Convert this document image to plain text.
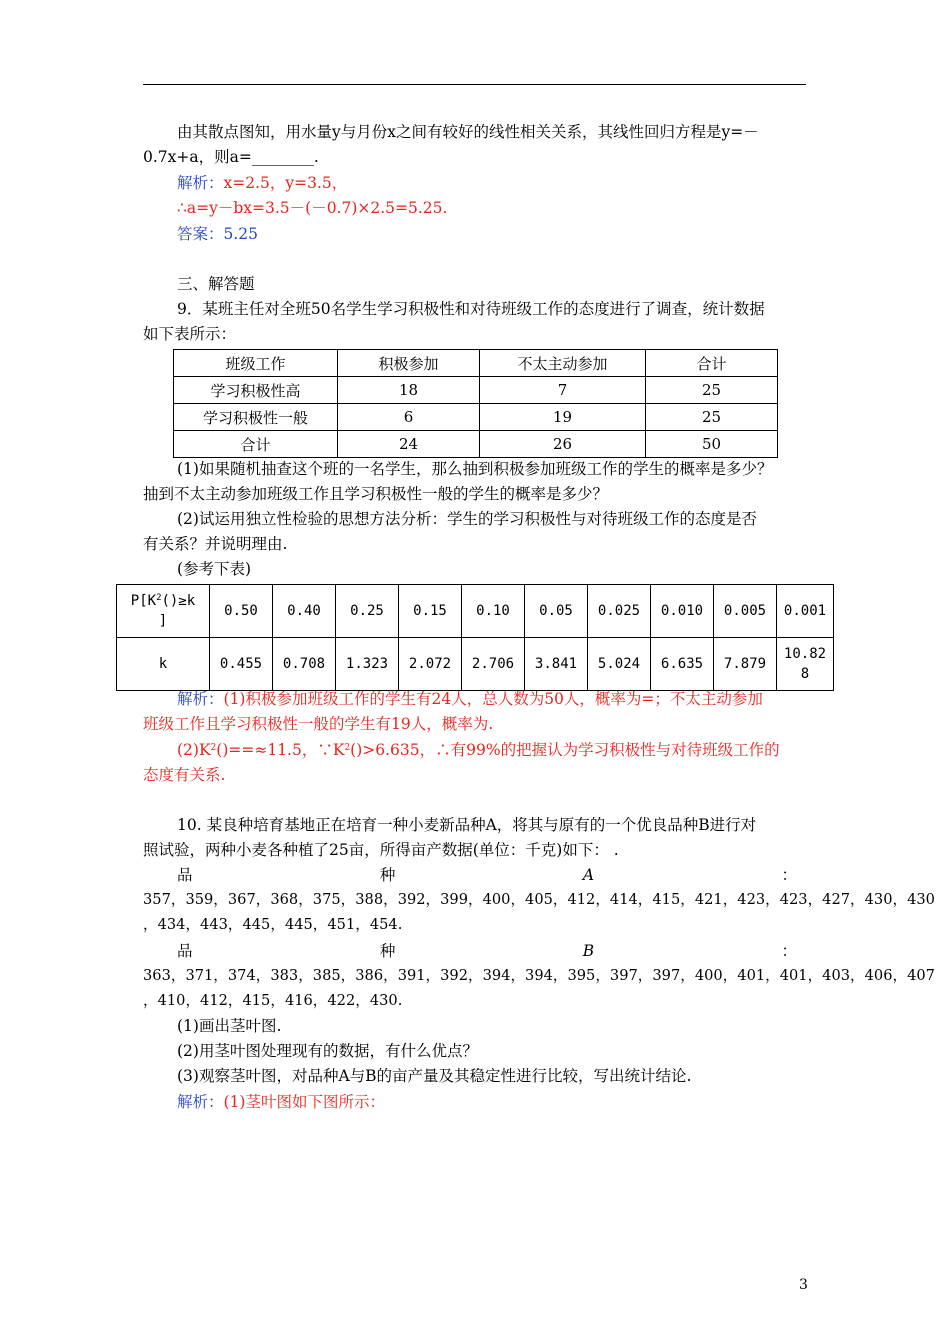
由其散点图知，用水量y与月份x之间有较好的线性相关关系，其线性回归方程是y=－
0.7x+a，则a=________.
解析：x=2.5，y=3.5，
∴a=y－bx=3.5－(－0.7)×2.5=5.25.
答案：5.25
三、解答题
9．某班主任对全班50名学生学习积极性和对待班级工作的态度进行了调查，统计数据
如下表所示：
班级工作	积极参加	不太主动参加	合计
学习积极性高	18	7	25
学习积极性一般	6	19	25
合计	24	26	50
(1)如果随机抽查这个班的一名学生，那么抽到积极参加班级工作的学生的概率是多少？
抽到不太主动参加班级工作且学习积极性一般的学生的概率是多少？
(2)试运用独立性检验的思想方法分析：学生的学习积极性与对待班级工作的态度是否
有关系？并说明理由.
(参考下表)
$P[K^2()\ge k$
]	0.50	0.40	0.25	0.15	0.10	0.05	0.025	0.010	0.005	0.001
k	0.455	0.708	1.323	2.072	2.706	3.841	5.024	6.635	7.879	10.82
8
解析：(1)积极参加班级工作的学生有24人，总人数为50人，概率为=；不太主动参加
班级工作且学习积极性一般的学生有19人，概率为.
$(2)K^2()==\approx 11.5$，$\because K^2()>6.635$，∴有99%的把握认为学习积极性与对待班级工作的
态度有关系.
10. 某良种培育基地正在培育一种小麦新品种A，将其与原有的一个优良品种B进行对
照试验，两种小麦各种植了25亩，所得亩产数据(单位：千克)如下： .
品	种	A	：
357，359，367，368，375，388，392，399，400，405，412，414，415，421，423，423，427，430，430
，434，443，445，445，451，454.
品	种	B	：
363，371，374，383，385，386，391，392，394，394，395，397，397，400，401，401，403，406，407
，410，412，415，416，422，430.
(1)画出茎叶图.
(2)用茎叶图处理现有的数据，有什么优点？
(3)观察茎叶图，对品种A与B的亩产量及其稳定性进行比较，写出统计结论.
解析：(1)茎叶图如下图所示：
3
